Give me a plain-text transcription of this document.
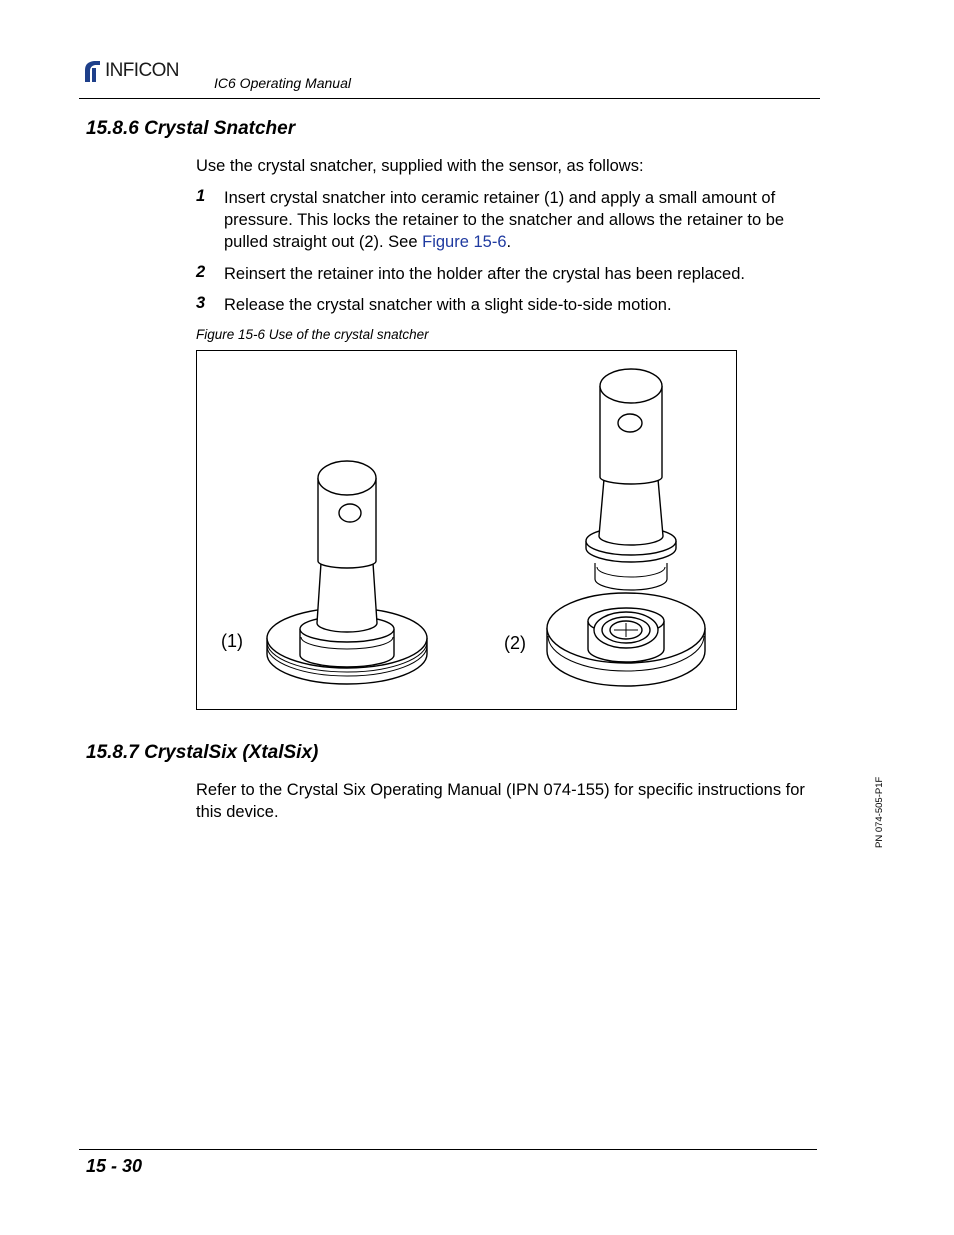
INFICON
IC6 Operating Manual
15.8.6 Crystal Snatcher
Use the crystal snatcher, supplied with the sensor, as follows:
1 Insert crystal snatcher into ceramic retainer (1) and apply a small amount of pressure. This locks the retainer to the snatcher and allows the retainer to be pulled straight out (2). See Figure 15-6.
2 Reinsert the retainer into the holder after the crystal has been replaced.
3 Release the crystal snatcher with a slight side-to-side motion.
Figure 15-6 Use of the crystal snatcher
(1)	(2)
15.8.7 CrystalSix (XtalSix)
Refer to the Crystal Six Operating Manual (IPN 074-155) for specific instructions for this device.	PN 074-505-P1F
15 - 30
